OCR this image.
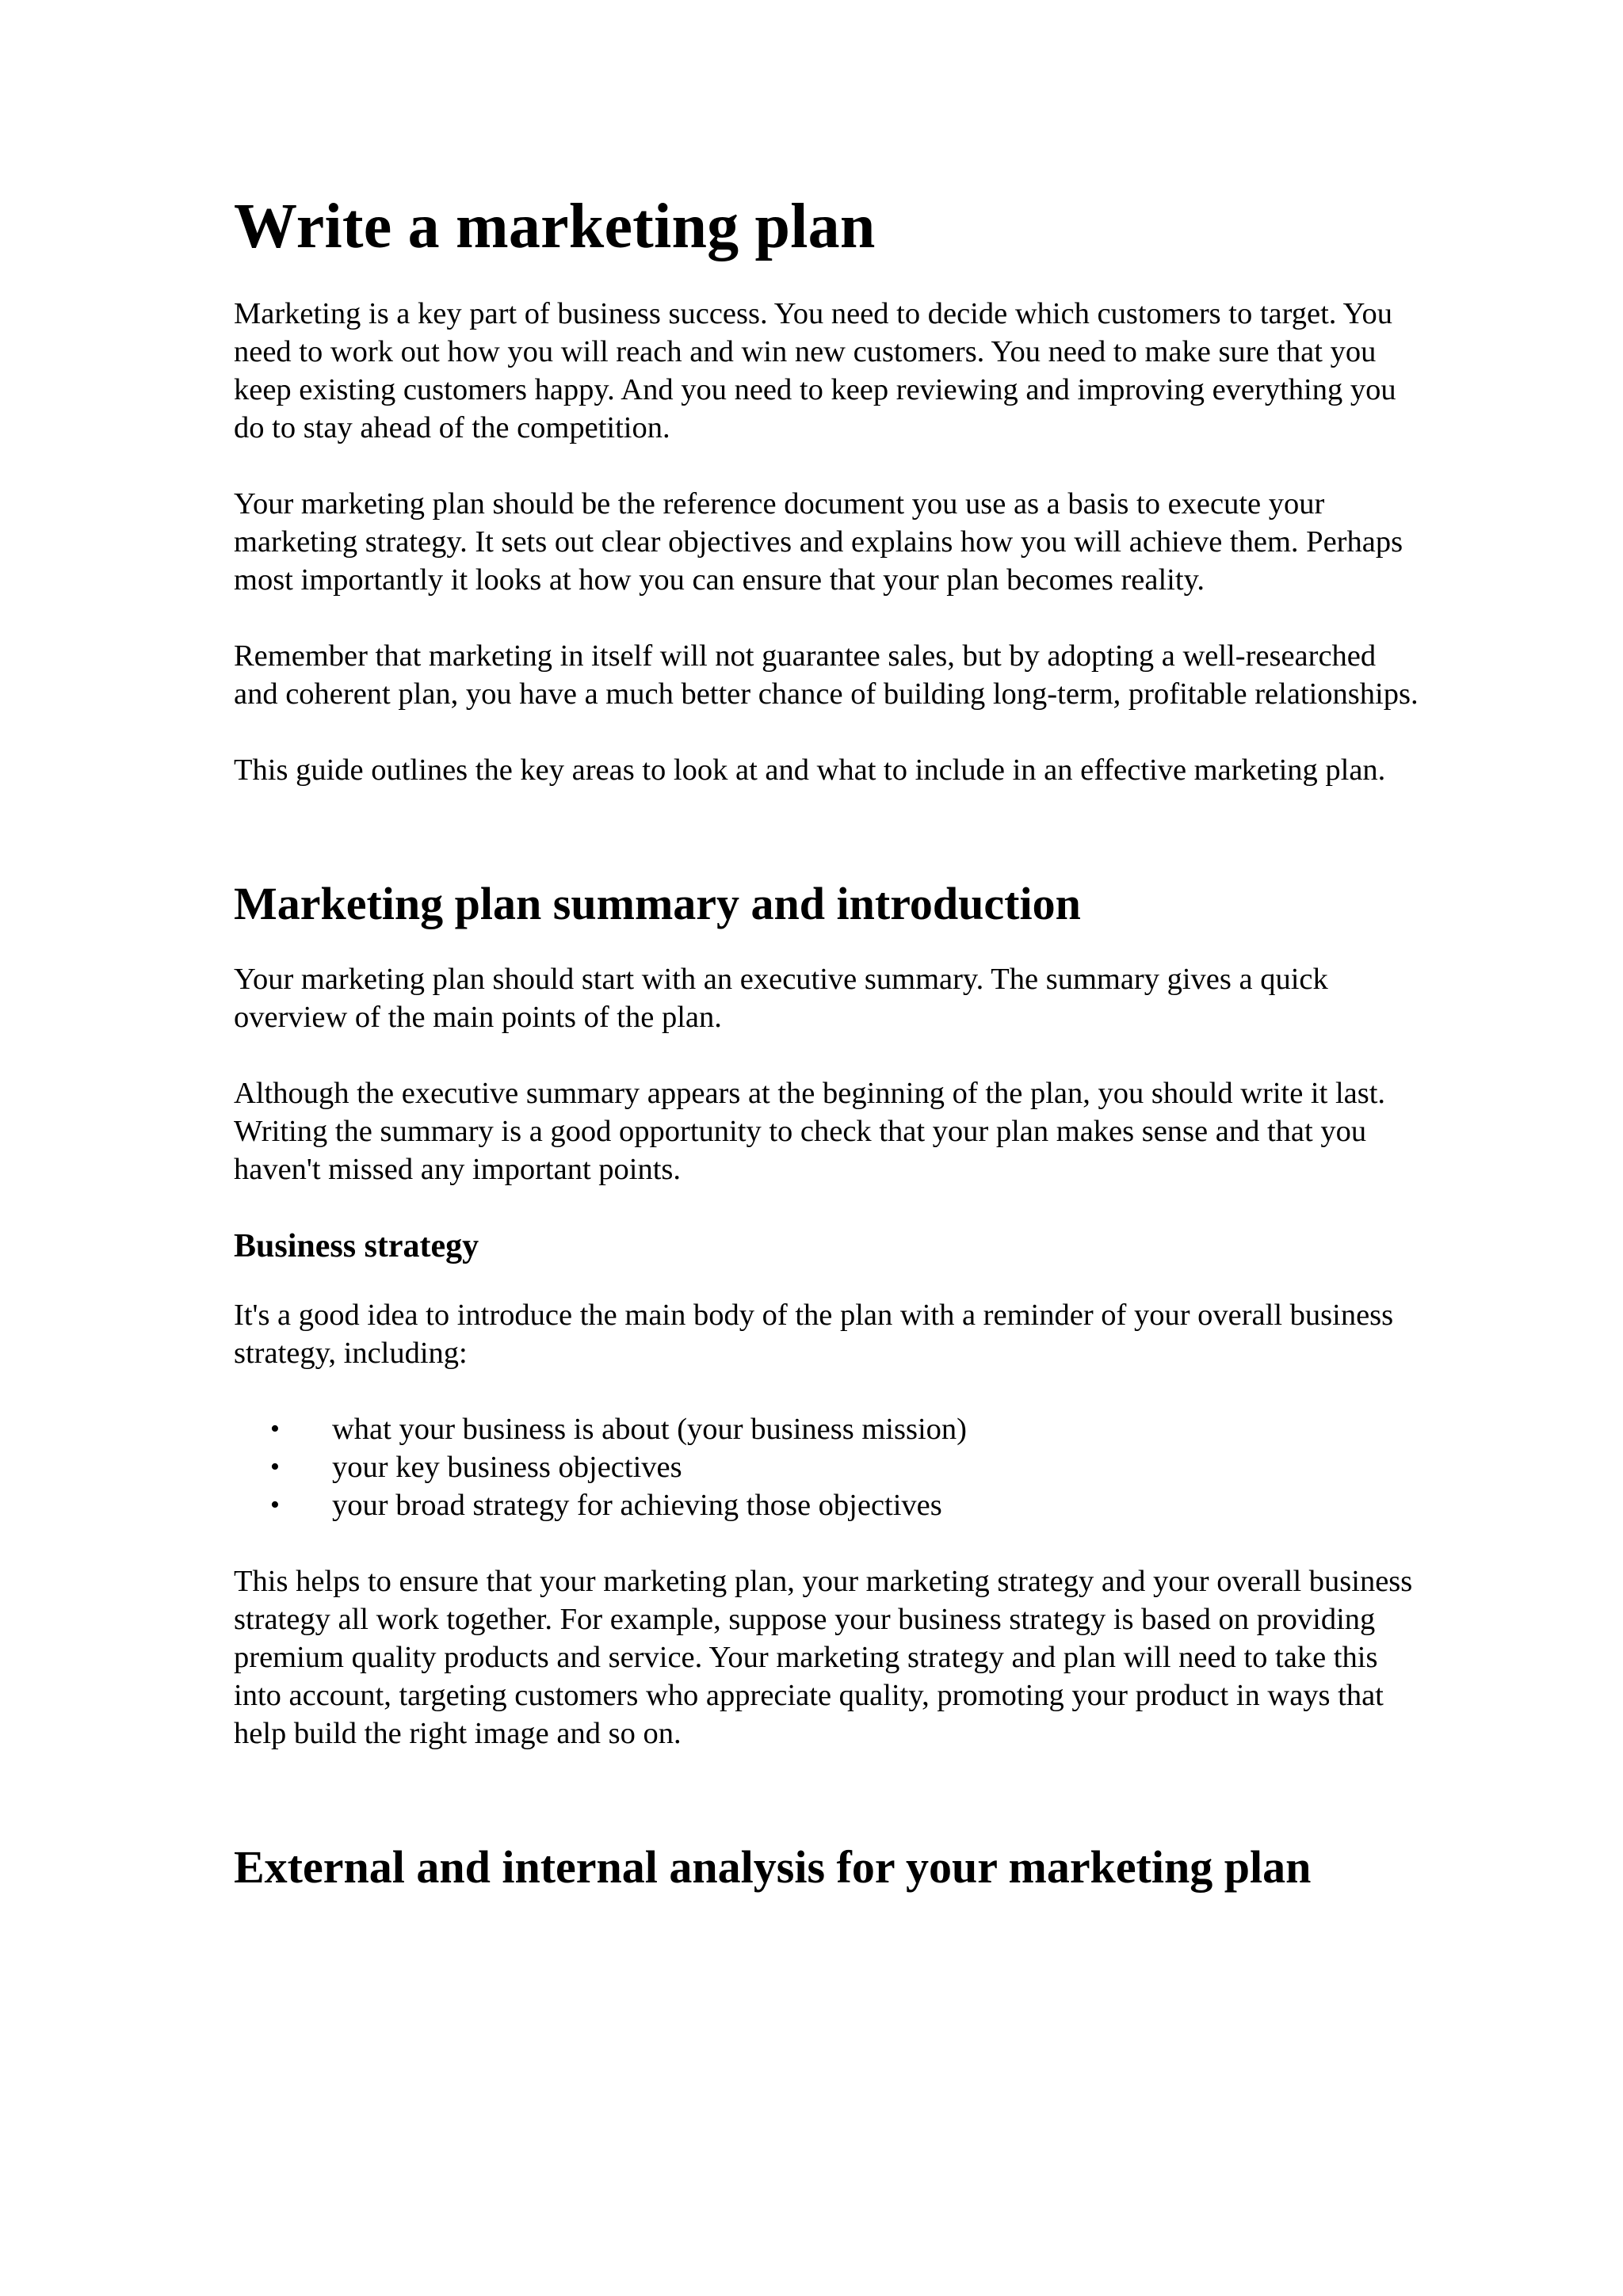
Write a marketing plan

Marketing is a key part of business success. You need to decide which customers to target. You need to work out how you will reach and win new customers. You need to make sure that you keep existing customers happy. And you need to keep reviewing and improving everything you do to stay ahead of the competition.

Your marketing plan should be the reference document you use as a basis to execute your marketing strategy. It sets out clear objectives and explains how you will achieve them. Perhaps most importantly it looks at how you can ensure that your plan becomes reality.

Remember that marketing in itself will not guarantee sales, but by adopting a well-researched and coherent plan, you have a much better chance of building long-term, profitable relationships.

This guide outlines the key areas to look at and what to include in an effective marketing plan.

Marketing plan summary and introduction

Your marketing plan should start with an executive summary. The summary gives a quick overview of the main points of the plan.

Although the executive summary appears at the beginning of the plan, you should write it last. Writing the summary is a good opportunity to check that your plan makes sense and that you haven't missed any important points.

Business strategy

It's a good idea to introduce the main body of the plan with a reminder of your overall business strategy, including:

• what your business is about (your business mission)
• your key business objectives
• your broad strategy for achieving those objectives

This helps to ensure that your marketing plan, your marketing strategy and your overall business strategy all work together. For example, suppose your business strategy is based on providing premium quality products and service. Your marketing strategy and plan will need to take this into account, targeting customers who appreciate quality, promoting your product in ways that help build the right image and so on.

External and internal analysis for your marketing plan
